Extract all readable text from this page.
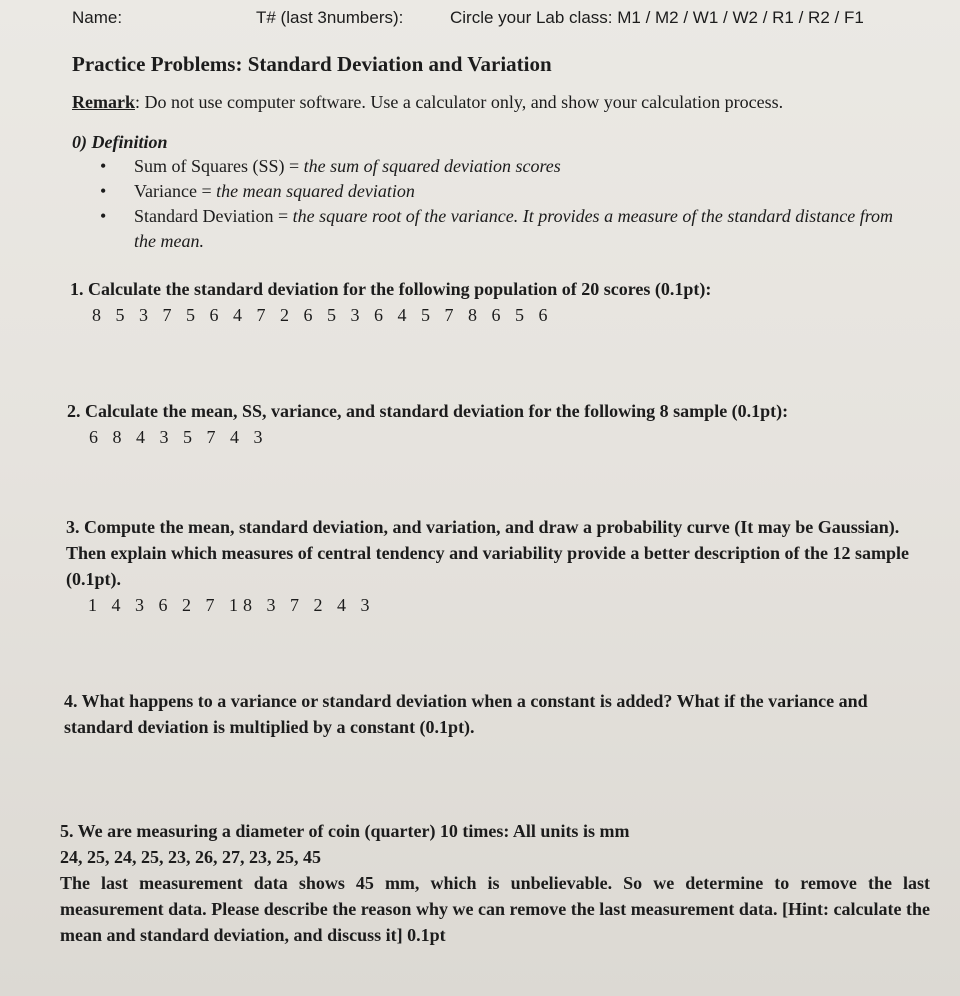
Name:	T# (last 3numbers):	Circle your Lab class: M1 / M2 / W1 / W2 / R1 / R2 / F1
Practice Problems: Standard Deviation and Variation
Remark: Do not use computer software. Use a calculator only, and show your calculation process.
0) Definition
• Sum of Squares (SS) = the sum of squared deviation scores
• Variance = the mean squared deviation
• Standard Deviation = the square root of the variance. It provides a measure of the standard distance from the mean.
1. Calculate the standard deviation for the following population of 20 scores (0.1pt):
8 5 3 7 5 6 4 7 2 6 5 3 6 4 5 7 8 6 5 6
2. Calculate the mean, SS, variance, and standard deviation for the following 8 sample (0.1pt):
6 8 4 3 5 7 4 3
3. Compute the mean, standard deviation, and variation, and draw a probability curve (It may be Gaussian). Then explain which measures of central tendency and variability provide a better description of the 12 sample (0.1pt).
1 4 3 6 2 7 18 3 7 2 4 3
4. What happens to a variance or standard deviation when a constant is added? What if the variance and standard deviation is multiplied by a constant (0.1pt).
5. We are measuring a diameter of coin (quarter) 10 times: All units is mm
24, 25, 24, 25, 23, 26, 27, 23, 25, 45
The last measurement data shows 45 mm, which is unbelievable. So we determine to remove the last measurement data. Please describe the reason why we can remove the last measurement data. [Hint: calculate the mean and standard deviation, and discuss it] 0.1pt
